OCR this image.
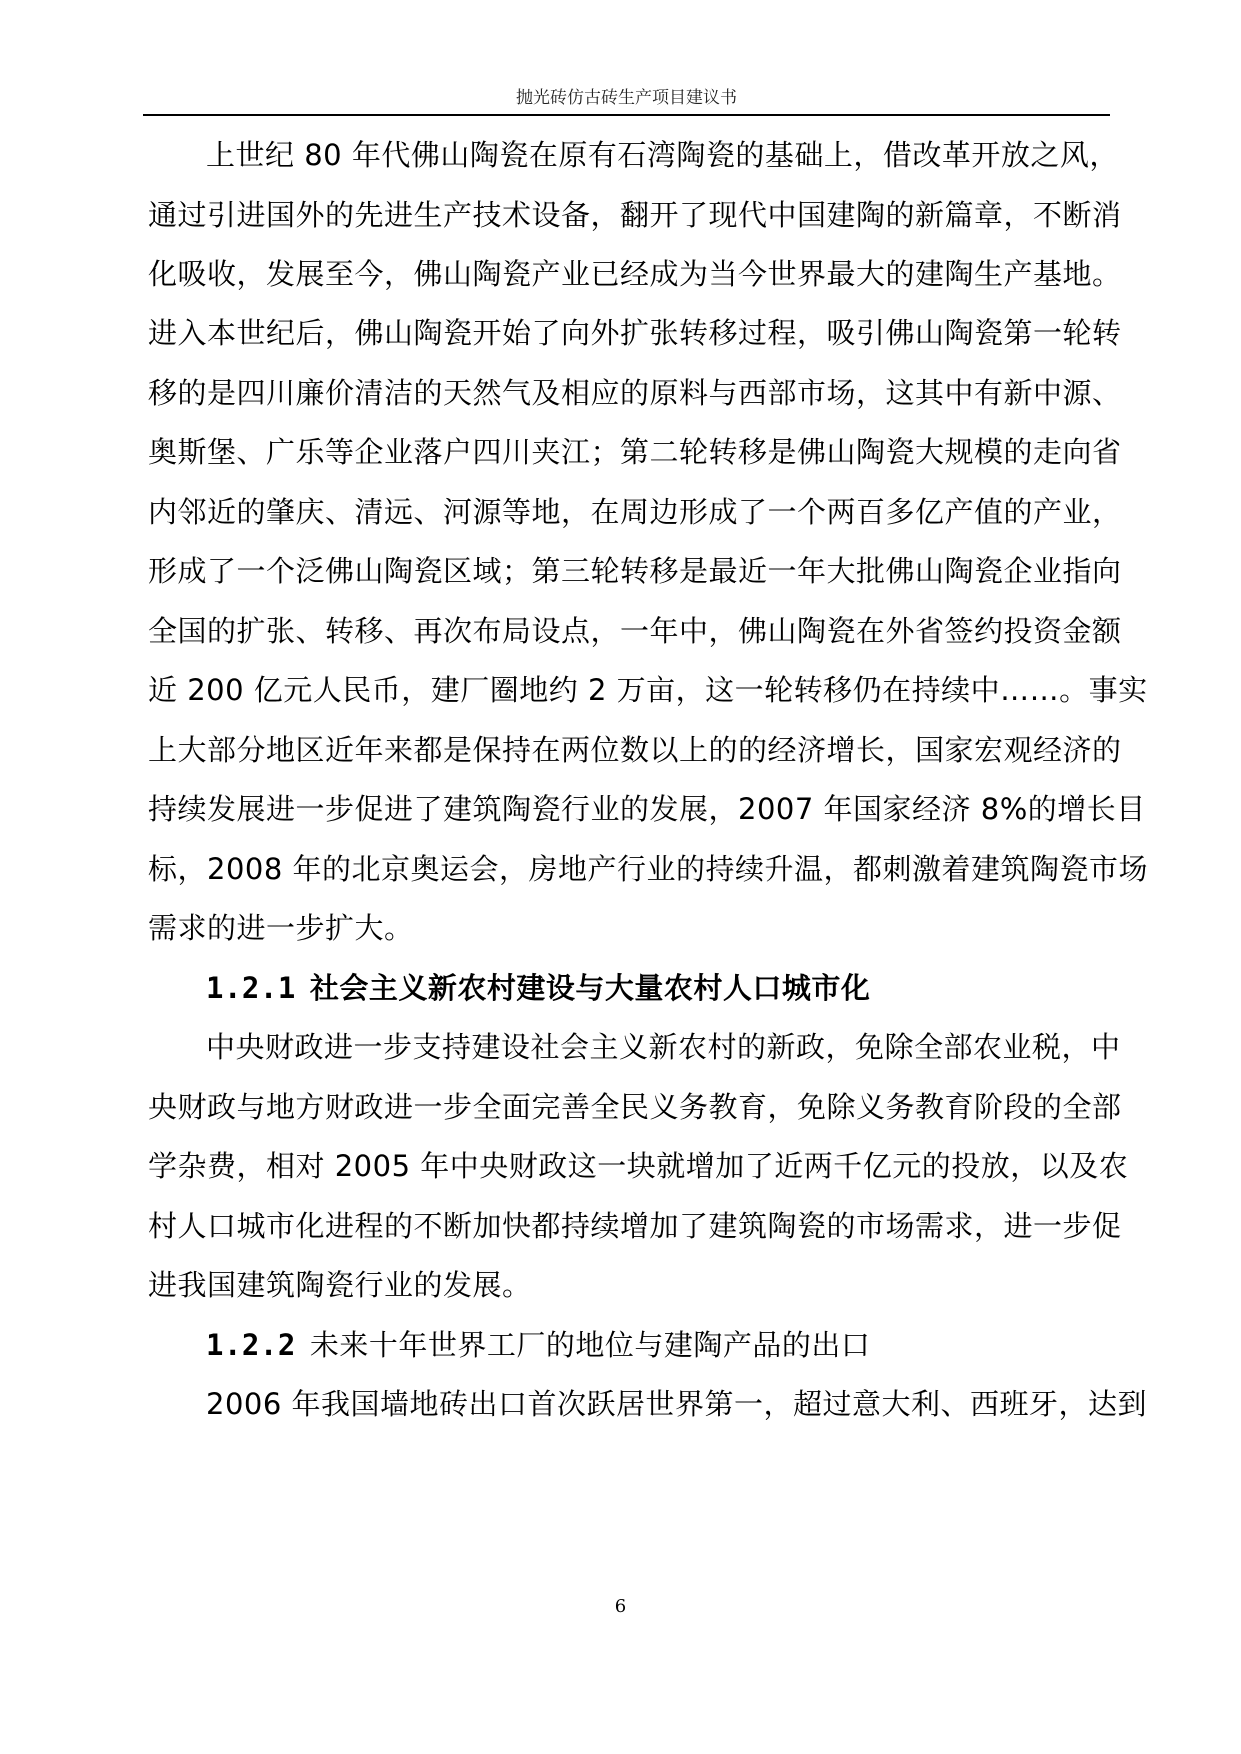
抛光砖仿古砖生产项目建议书
上世纪 80 年代佛山陶瓷在原有石湾陶瓷的基础上，借改革开放之风，
通过引进国外的先进生产技术设备，翻开了现代中国建陶的新篇章，不断消
化吸收，发展至今，佛山陶瓷产业已经成为当今世界最大的建陶生产基地。
进入本世纪后，佛山陶瓷开始了向外扩张转移过程，吸引佛山陶瓷第一轮转
移的是四川廉价清洁的天然气及相应的原料与西部市场，这其中有新中源、
奥斯堡、广乐等企业落户四川夹江；第二轮转移是佛山陶瓷大规模的走向省
内邻近的肇庆、清远、河源等地，在周边形成了一个两百多亿产值的产业，
形成了一个泛佛山陶瓷区域；第三轮转移是最近一年大批佛山陶瓷企业指向
全国的扩张、转移、再次布局设点，一年中，佛山陶瓷在外省签约投资金额
近 200 亿元人民币，建厂圈地约 2 万亩，这一轮转移仍在持续中……。事实
上大部分地区近年来都是保持在两位数以上的的经济增长，国家宏观经济的
持续发展进一步促进了建筑陶瓷行业的发展，2007 年国家经济 8%的增长目
标，2008 年的北京奥运会，房地产行业的持续升温，都刺激着建筑陶瓷市场
需求的进一步扩大。
1.2.1 社会主义新农村建设与大量农村人口城市化
中央财政进一步支持建设社会主义新农村的新政，免除全部农业税，中
央财政与地方财政进一步全面完善全民义务教育，免除义务教育阶段的全部
学杂费，相对 2005 年中央财政这一块就增加了近两千亿元的投放，以及农
村人口城市化进程的不断加快都持续增加了建筑陶瓷的市场需求，进一步促
进我国建筑陶瓷行业的发展。
1.2.2 未来十年世界工厂的地位与建陶产品的出口
2006 年我国墙地砖出口首次跃居世界第一，超过意大利、西班牙，达到
6
